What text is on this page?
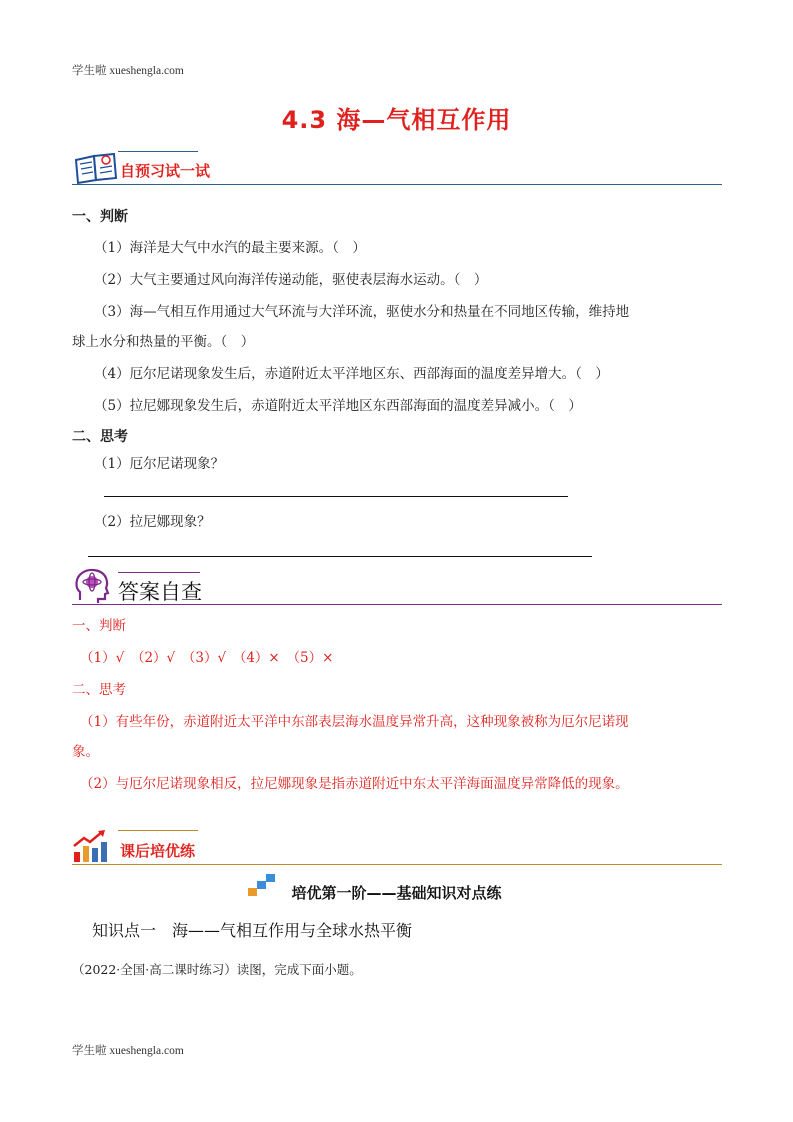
学生啦 xueshengla.com
4.3 海—气相互作用
自预习试一试
一、判断
（1）海洋是大气中水汽的最主要来源。（　）
（2）大气主要通过风向海洋传递动能，驱使表层海水运动。（　）
（3）海—气相互作用通过大气环流与大洋环流，驱使水分和热量在不同地区传输，维持地
球上水分和热量的平衡。（　）
（4）厄尔尼诺现象发生后，赤道附近太平洋地区东、西部海面的温度差异增大。（　）
（5）拉尼娜现象发生后，赤道附近太平洋地区东西部海面的温度差异减小。（　）
二、思考
（1）厄尔尼诺现象？
（2）拉尼娜现象？
答案自查
一、判断
（1）√　（2）√　（3）√　（4）×　（5）×
二、思考
（1）有些年份，赤道附近太平洋中东部表层海水温度异常升高，这种现象被称为厄尔尼诺现
象。
（2）与厄尔尼诺现象相反，拉尼娜现象是指赤道附近中东太平洋海面温度异常降低的现象。
课后培优练
培优第一阶——基础知识对点练
知识点一　海——气相互作用与全球水热平衡
（2022·全国·高二课时练习）读图，完成下面小题。
学生啦 xueshengla.com
